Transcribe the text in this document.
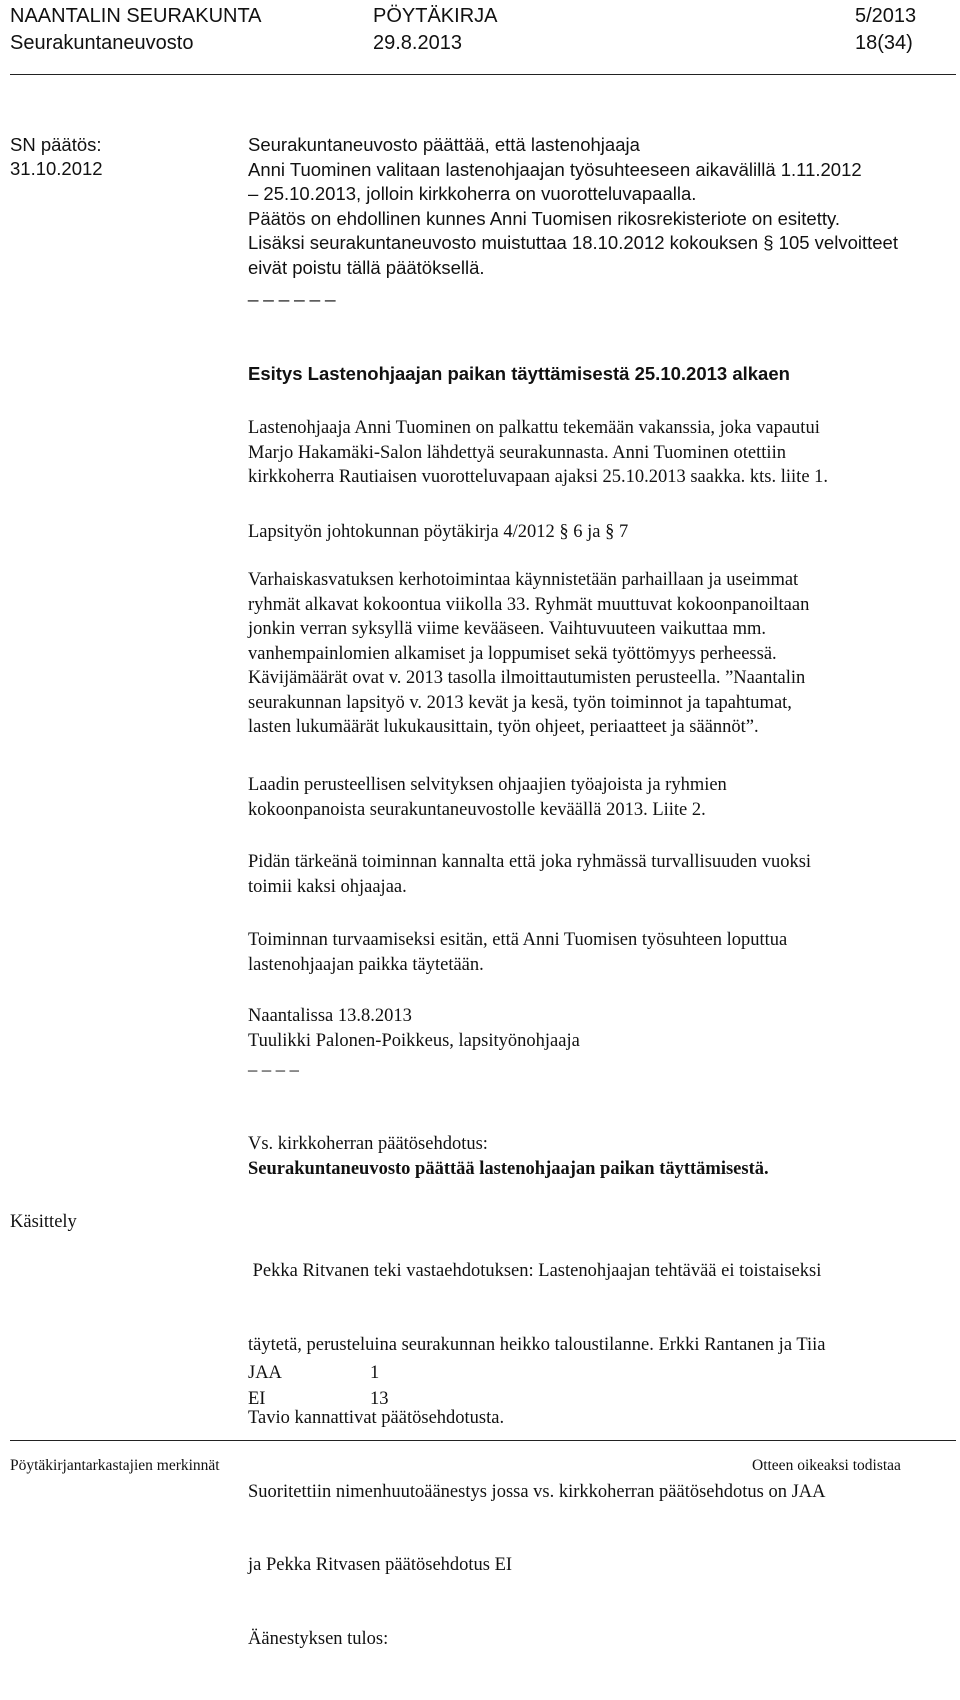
NAANTALIN SEURAKUNTA	PÖYTÄKIRJA	5/2013
Seurakuntaneuvosto	29.8.2013	18(34)
SN päätös:
31.10.2012
Seurakuntaneuvosto päättää, että lastenohjaaja
Anni Tuominen valitaan lastenohjaajan työsuhteeseen aikavälillä 1.11.2012
– 25.10.2013, jolloin kirkkoherra on vuorotteluvapaalla.
Päätös on ehdollinen kunnes Anni Tuomisen rikosrekisteriote on esitetty.
Lisäksi seurakuntaneuvosto muistuttaa 18.10.2012 kokouksen § 105 velvoitteet
eivät poistu tällä päätöksellä.
_ _ _ _ _ _
Esitys Lastenohjaajan paikan täyttämisestä 25.10.2013 alkaen
Lastenohjaaja Anni Tuominen on palkattu tekemään vakanssia, joka vapautui
Marjo Hakamäki-Salon lähdettyä seurakunnasta. Anni Tuominen otettiin
kirkkoherra Rautiaisen vuorotteluvapaan ajaksi 25.10.2013 saakka. kts. liite 1.
Lapsityön johtokunnan pöytäkirja 4/2012 § 6 ja § 7
Varhaiskasvatuksen kerhotoimintaa käynnistetään parhaillaan ja useimmat
ryhmät alkavat kokoontua viikolla 33. Ryhmät muuttuvat kokoonpanoiltaan
jonkin verran syksyllä viime kevääseen. Vaihtuvuuteen vaikuttaa mm.
vanhempainlomien alkamiset ja loppumiset sekä työttömyys perheessä.
Kävijämäärät ovat v. 2013 tasolla ilmoittautumisten perusteella. ”Naantalin
seurakunnan lapsityö v. 2013 kevät ja kesä, työn toiminnot ja tapahtumat,
lasten lukumäärät lukukausittain, työn ohjeet, periaatteet ja säännöt”.
Laadin perusteellisen selvityksen ohjaajien työajoista ja ryhmien
kokoonpanoista seurakuntaneuvostolle keväällä 2013. Liite 2.
Pidän tärkeänä toiminnan kannalta että joka ryhmässä turvallisuuden vuoksi
toimii kaksi ohjaajaa.
Toiminnan turvaamiseksi esitän, että Anni Tuomisen työsuhteen loputtua
lastenohjaajan paikka täytetään.
Naantalissa 13.8.2013
Tuulikki Palonen-Poikkeus, lapsityönohjaaja
_ _ _ _
Vs. kirkkoherran päätösehdotus:
Seurakuntaneuvosto päättää lastenohjaajan paikan täyttämisestä.
Käsittely

Pekka Ritvanen teki vastaehdotuksen: Lastenohjaajan tehtävää ei toistaiseksi

täytetä, perusteluina seurakunnan heikko taloustilanne. Erkki Rantanen ja Tiia

Tavio kannattivat päätösehdotusta.

Suoritettiin nimenhuutoäänestys jossa vs. kirkkoherran päätösehdotus on JAA

ja Pekka Ritvasen päätösehdotus EI

Äänestyksen tulos:

JAA	1
EI	13
Pöytäkirjantarkastajien merkinnät	Otteen oikeaksi todistaa
